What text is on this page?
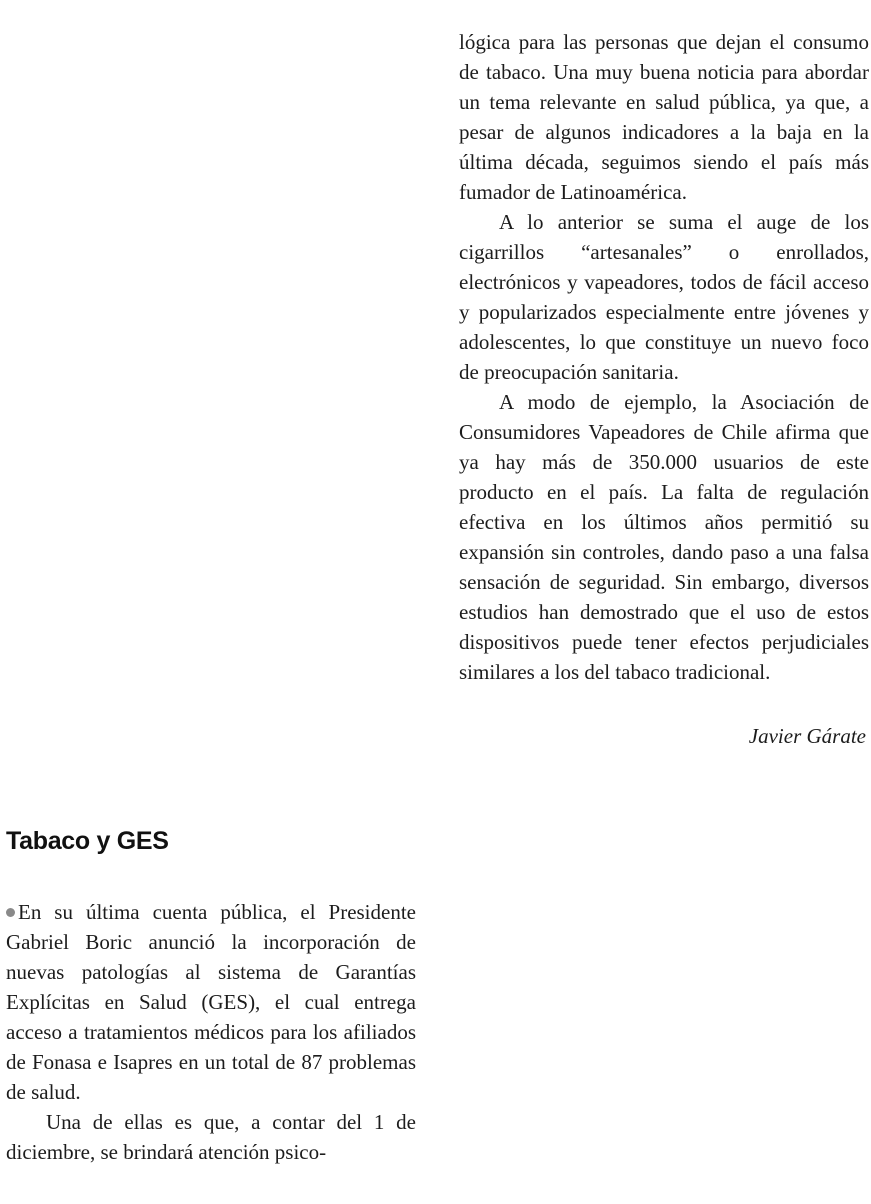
Tabaco y GES

En su última cuenta pública, el Presidente Gabriel Boric anunció la incorporación de nuevas patologías al sistema de Garantías Explícitas en Salud (GES), el cual entrega acceso a tratamientos médicos para los afiliados de Fonasa e Isapres en un total de 87 problemas de salud.

Una de ellas es que, a contar del 1 de diciembre, se brindará atención psico-

lógica para las personas que dejan el consumo de tabaco. Una muy buena noticia para abordar un tema relevante en salud pública, ya que, a pesar de algunos indicadores a la baja en la última década, seguimos siendo el país más fumador de Latinoamérica.

A lo anterior se suma el auge de los cigarrillos “artesanales” o enrollados, electrónicos y vapeadores, todos de fácil acceso y popularizados especialmente entre jóvenes y adolescentes, lo que constituye un nuevo foco de preocupación sanitaria.

A modo de ejemplo, la Asociación de Consumidores Vapeadores de Chile afirma que ya hay más de 350.000 usuarios de este producto en el país. La falta de regulación efectiva en los últimos años permitió su expansión sin controles, dando paso a una falsa sensación de seguridad. Sin embargo, diversos estudios han demostrado que el uso de estos dispositivos puede tener efectos perjudiciales similares a los del tabaco tradicional.

Javier Gárate
